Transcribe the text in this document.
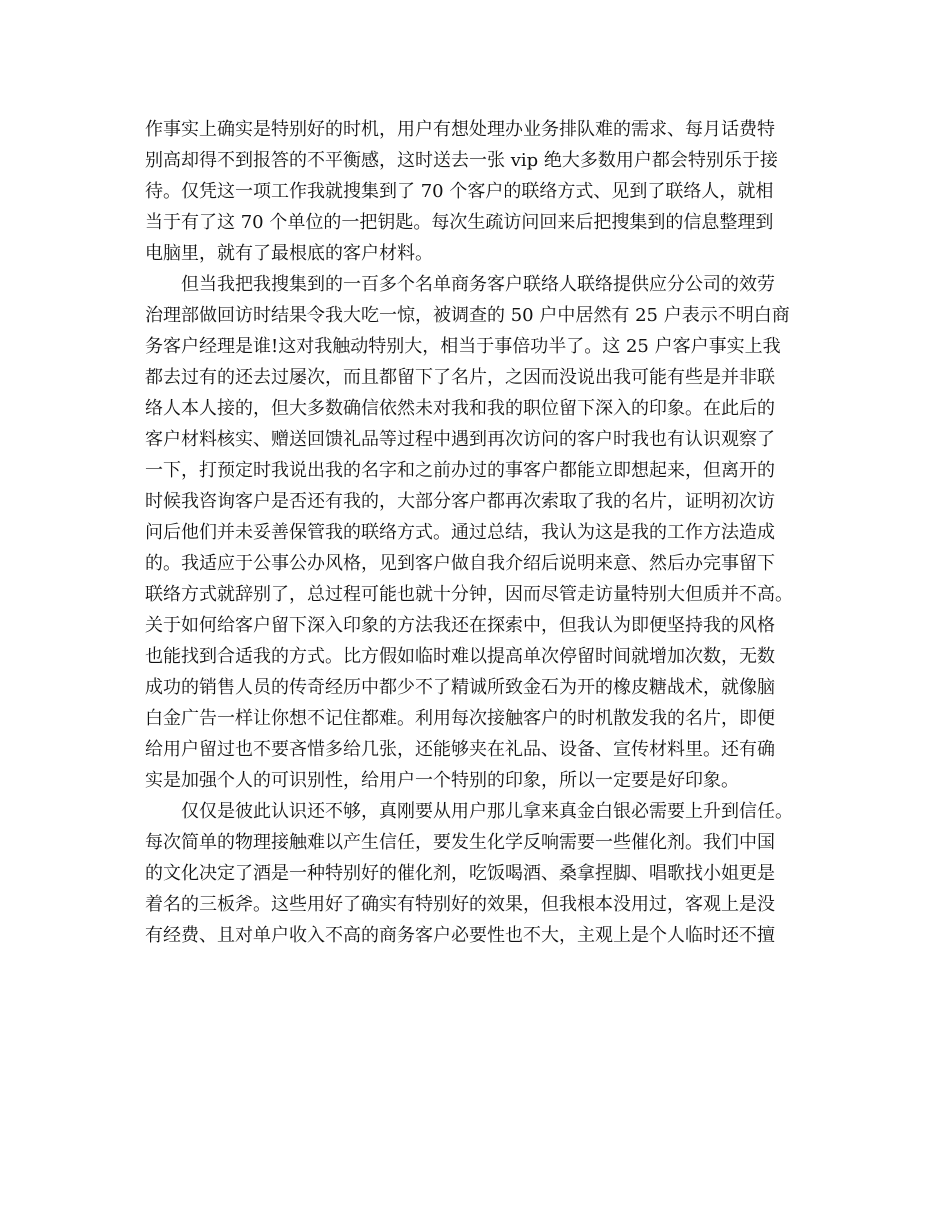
作事实上确实是特别好的时机，用户有想处理办业务排队难的需求、每月话费特
别高却得不到报答的不平衡感，这时送去一张 vip 绝大多数用户都会特别乐于接
待。仅凭这一项工作我就搜集到了 70 个客户的联络方式、见到了联络人，就相
当于有了这 70 个单位的一把钥匙。每次生疏访问回来后把搜集到的信息整理到
电脑里，就有了最根底的客户材料。
　　但当我把我搜集到的一百多个名单商务客户联络人联络提供应分公司的效劳
治理部做回访时结果令我大吃一惊，被调查的 50 户中居然有 25 户表示不明白商
务客户经理是谁!这对我触动特别大，相当于事倍功半了。这 25 户客户事实上我
都去过有的还去过屡次，而且都留下了名片，之因而没说出我可能有些是并非联
络人本人接的，但大多数确信依然未对我和我的职位留下深入的印象。在此后的
客户材料核实、赠送回馈礼品等过程中遇到再次访问的客户时我也有认识观察了
一下，打预定时我说出我的名字和之前办过的事客户都能立即想起来，但离开的
时候我咨询客户是否还有我的，大部分客户都再次索取了我的名片，证明初次访
问后他们并未妥善保管我的联络方式。通过总结，我认为这是我的工作方法造成
的。我适应于公事公办风格，见到客户做自我介绍后说明来意、然后办完事留下
联络方式就辞别了，总过程可能也就十分钟，因而尽管走访量特别大但质并不高。
关于如何给客户留下深入印象的方法我还在探索中，但我认为即便坚持我的风格
也能找到合适我的方式。比方假如临时难以提高单次停留时间就增加次数，无数
成功的销售人员的传奇经历中都少不了精诚所致金石为开的橡皮糖战术，就像脑
白金广告一样让你想不记住都难。利用每次接触客户的时机散发我的名片，即便
给用户留过也不要吝惜多给几张，还能够夹在礼品、设备、宣传材料里。还有确
实是加强个人的可识别性，给用户一个特别的印象，所以一定要是好印象。
　　仅仅是彼此认识还不够，真刚要从用户那儿拿来真金白银必需要上升到信任。
每次简单的物理接触难以产生信任，要发生化学反响需要一些催化剂。我们中国
的文化决定了酒是一种特别好的催化剂，吃饭喝酒、桑拿捏脚、唱歌找小姐更是
着名的三板斧。这些用好了确实有特别好的效果，但我根本没用过，客观上是没
有经费、且对单户收入不高的商务客户必要性也不大，主观上是个人临时还不擅
